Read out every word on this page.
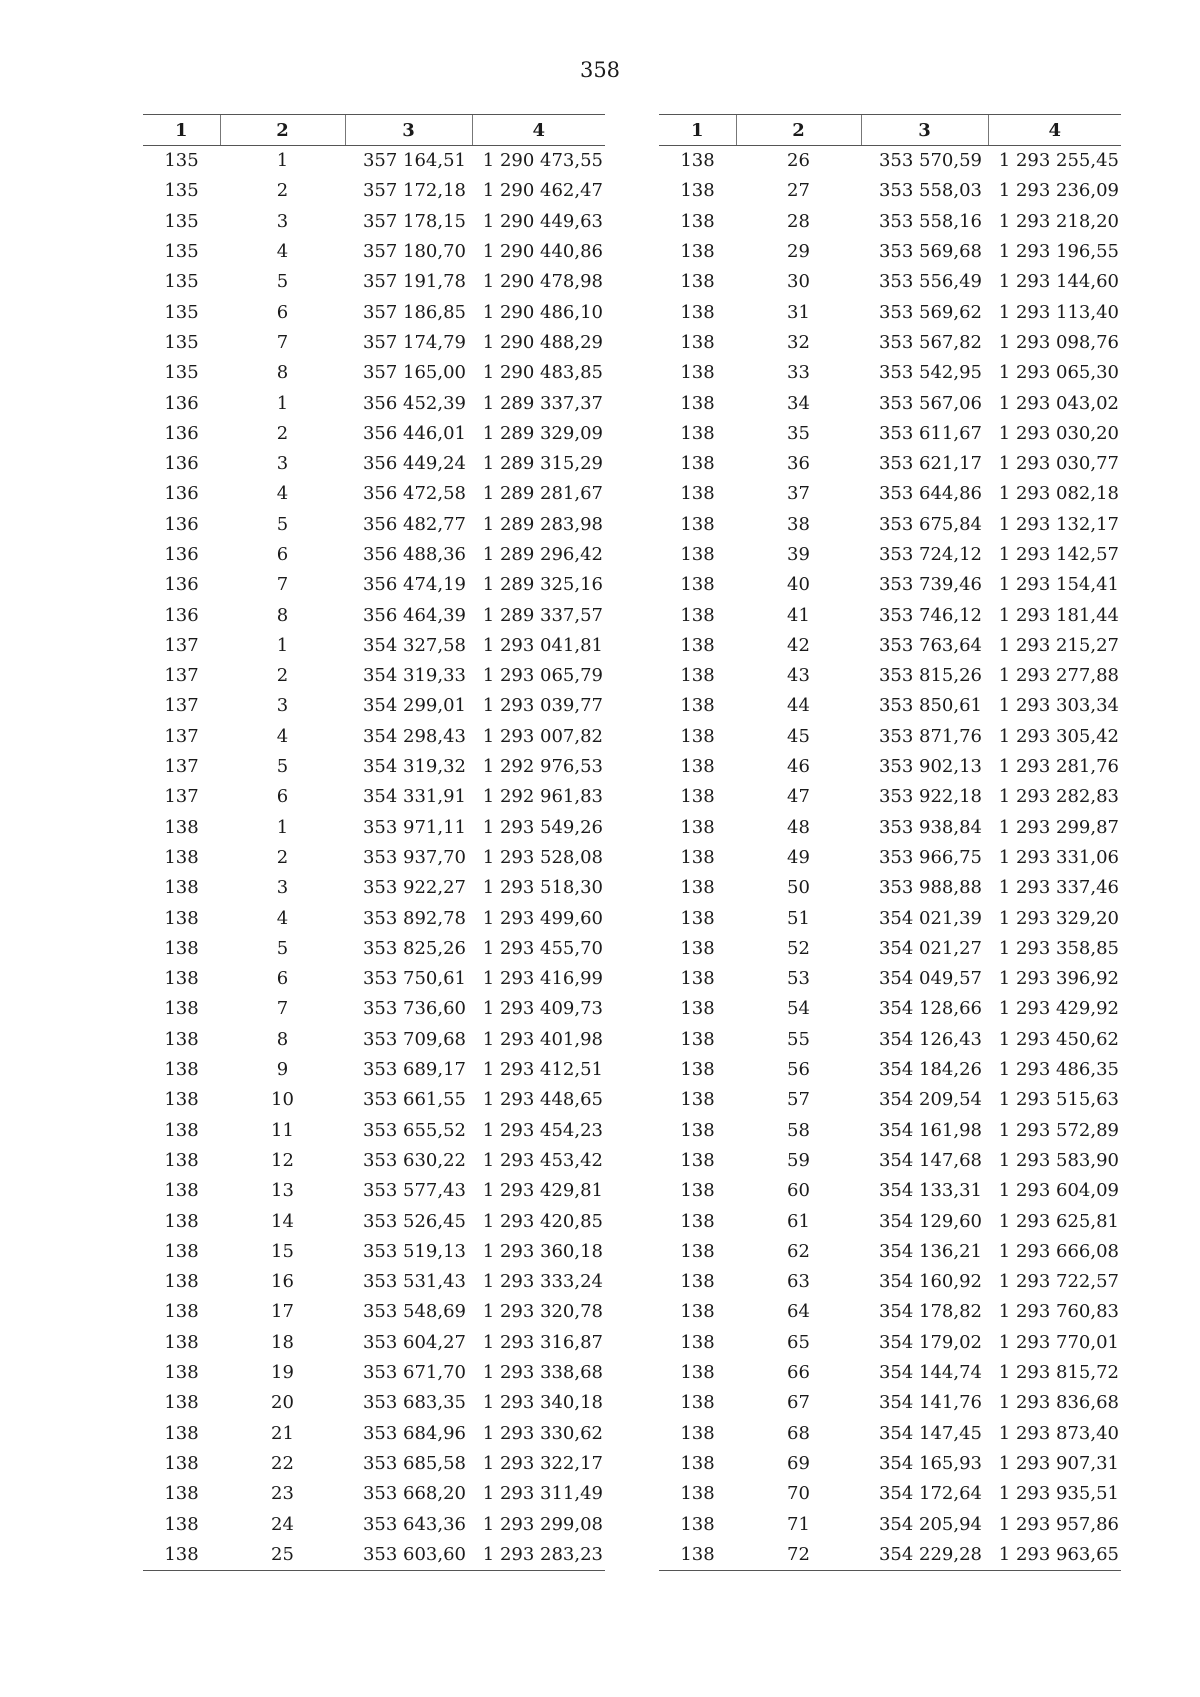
358
1	2	3	4
135	1	357 164,51	1 290 473,55
135	2	357 172,18	1 290 462,47
135	3	357 178,15	1 290 449,63
135	4	357 180,70	1 290 440,86
135	5	357 191,78	1 290 478,98
135	6	357 186,85	1 290 486,10
135	7	357 174,79	1 290 488,29
135	8	357 165,00	1 290 483,85
136	1	356 452,39	1 289 337,37
136	2	356 446,01	1 289 329,09
136	3	356 449,24	1 289 315,29
136	4	356 472,58	1 289 281,67
136	5	356 482,77	1 289 283,98
136	6	356 488,36	1 289 296,42
136	7	356 474,19	1 289 325,16
136	8	356 464,39	1 289 337,57
137	1	354 327,58	1 293 041,81
137	2	354 319,33	1 293 065,79
137	3	354 299,01	1 293 039,77
137	4	354 298,43	1 293 007,82
137	5	354 319,32	1 292 976,53
137	6	354 331,91	1 292 961,83
138	1	353 971,11	1 293 549,26
138	2	353 937,70	1 293 528,08
138	3	353 922,27	1 293 518,30
138	4	353 892,78	1 293 499,60
138	5	353 825,26	1 293 455,70
138	6	353 750,61	1 293 416,99
138	7	353 736,60	1 293 409,73
138	8	353 709,68	1 293 401,98
138	9	353 689,17	1 293 412,51
138	10	353 661,55	1 293 448,65
138	11	353 655,52	1 293 454,23
138	12	353 630,22	1 293 453,42
138	13	353 577,43	1 293 429,81
138	14	353 526,45	1 293 420,85
138	15	353 519,13	1 293 360,18
138	16	353 531,43	1 293 333,24
138	17	353 548,69	1 293 320,78
138	18	353 604,27	1 293 316,87
138	19	353 671,70	1 293 338,68
138	20	353 683,35	1 293 340,18
138	21	353 684,96	1 293 330,62
138	22	353 685,58	1 293 322,17
138	23	353 668,20	1 293 311,49
138	24	353 643,36	1 293 299,08
138	25	353 603,60	1 293 283,23
1	2	3	4
138	26	353 570,59	1 293 255,45
138	27	353 558,03	1 293 236,09
138	28	353 558,16	1 293 218,20
138	29	353 569,68	1 293 196,55
138	30	353 556,49	1 293 144,60
138	31	353 569,62	1 293 113,40
138	32	353 567,82	1 293 098,76
138	33	353 542,95	1 293 065,30
138	34	353 567,06	1 293 043,02
138	35	353 611,67	1 293 030,20
138	36	353 621,17	1 293 030,77
138	37	353 644,86	1 293 082,18
138	38	353 675,84	1 293 132,17
138	39	353 724,12	1 293 142,57
138	40	353 739,46	1 293 154,41
138	41	353 746,12	1 293 181,44
138	42	353 763,64	1 293 215,27
138	43	353 815,26	1 293 277,88
138	44	353 850,61	1 293 303,34
138	45	353 871,76	1 293 305,42
138	46	353 902,13	1 293 281,76
138	47	353 922,18	1 293 282,83
138	48	353 938,84	1 293 299,87
138	49	353 966,75	1 293 331,06
138	50	353 988,88	1 293 337,46
138	51	354 021,39	1 293 329,20
138	52	354 021,27	1 293 358,85
138	53	354 049,57	1 293 396,92
138	54	354 128,66	1 293 429,92
138	55	354 126,43	1 293 450,62
138	56	354 184,26	1 293 486,35
138	57	354 209,54	1 293 515,63
138	58	354 161,98	1 293 572,89
138	59	354 147,68	1 293 583,90
138	60	354 133,31	1 293 604,09
138	61	354 129,60	1 293 625,81
138	62	354 136,21	1 293 666,08
138	63	354 160,92	1 293 722,57
138	64	354 178,82	1 293 760,83
138	65	354 179,02	1 293 770,01
138	66	354 144,74	1 293 815,72
138	67	354 141,76	1 293 836,68
138	68	354 147,45	1 293 873,40
138	69	354 165,93	1 293 907,31
138	70	354 172,64	1 293 935,51
138	71	354 205,94	1 293 957,86
138	72	354 229,28	1 293 963,65
